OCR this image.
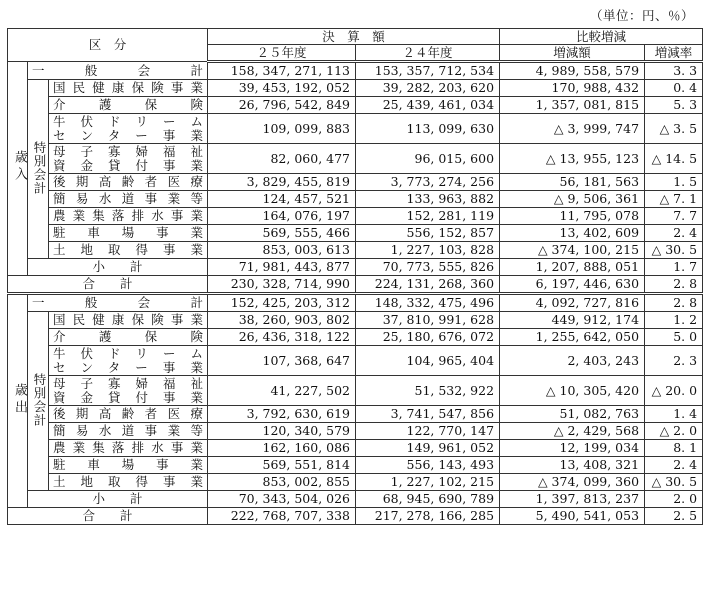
（単位：円、％）
区　分			決　算　額		比較増減	
			２５年度	２４年度	増減額	増減率
歳入	一　般　会　計		158, 347, 271, 113	153, 357, 712, 534	4, 989, 558, 579	3. 3
	特別会計	国民健康保険事業	39, 453, 192, 052	39, 282, 203, 620	170, 988, 432	0. 4

		介　護　保　険	26, 796, 542, 849	25, 439, 461, 034	1, 357, 081, 815	5. 3

		牛伏ドリーム
センター事業	109, 099, 883	113, 099, 630	△ 3, 999, 747	△ 3. 5

		母子寡婦福祉
資金貸付事業	82, 060, 477	96, 015, 600	△ 13, 955, 123	△ 14. 5

		後期高齢者医療	3, 829, 455, 819	3, 773, 274, 256	56, 181, 563	1. 5

		簡易水道事業等	124, 457, 521	133, 963, 882	△ 9, 506, 361	△ 7. 1

		農業集落排水事業	164, 076, 197	152, 281, 119	11, 795, 078	7. 7

		駐　車　場　事　業	569, 555, 466	556, 152, 857	13, 402, 609	2. 4

		土地取得事業	853, 003, 613	1, 227, 103, 828	△ 374, 100, 215	△ 30. 5
	小　　計		71, 981, 443, 877	70, 773, 555, 826	1, 207, 888, 051	1. 7
合　　計			230, 328, 714, 990	224, 131, 268, 360	6, 197, 446, 630	2. 8
歳出	一　般　会　計		152, 425, 203, 312	148, 332, 475, 496	4, 092, 727, 816	2. 8
	特別会計	国民健康保険事業	38, 260, 903, 802	37, 810, 991, 628	449, 912, 174	1. 2

		介　護　保　険	26, 436, 318, 122	25, 180, 676, 072	1, 255, 642, 050	5. 0

		牛伏ドリーム
センター事業	107, 368, 647	104, 965, 404	2, 403, 243	2. 3

		母子寡婦福祉
資金貸付事業	41, 227, 502	51, 532, 922	△ 10, 305, 420	△ 20. 0

		後期高齢者医療	3, 792, 630, 619	3, 741, 547, 856	51, 082, 763	1. 4

		簡易水道事業等	120, 340, 579	122, 770, 147	△ 2, 429, 568	△ 2. 0

		農業集落排水事業	162, 160, 086	149, 961, 052	12, 199, 034	8. 1

		駐　車　場　事　業	569, 551, 814	556, 143, 493	13, 408, 321	2. 4

		土地取得事業	853, 002, 855	1, 227, 102, 215	△ 374, 099, 360	△ 30. 5
	小　　計		70, 343, 504, 026	68, 945, 690, 789	1, 397, 813, 237	2. 0
合　　計			222, 768, 707, 338	217, 278, 166, 285	5, 490, 541, 053	2. 5
